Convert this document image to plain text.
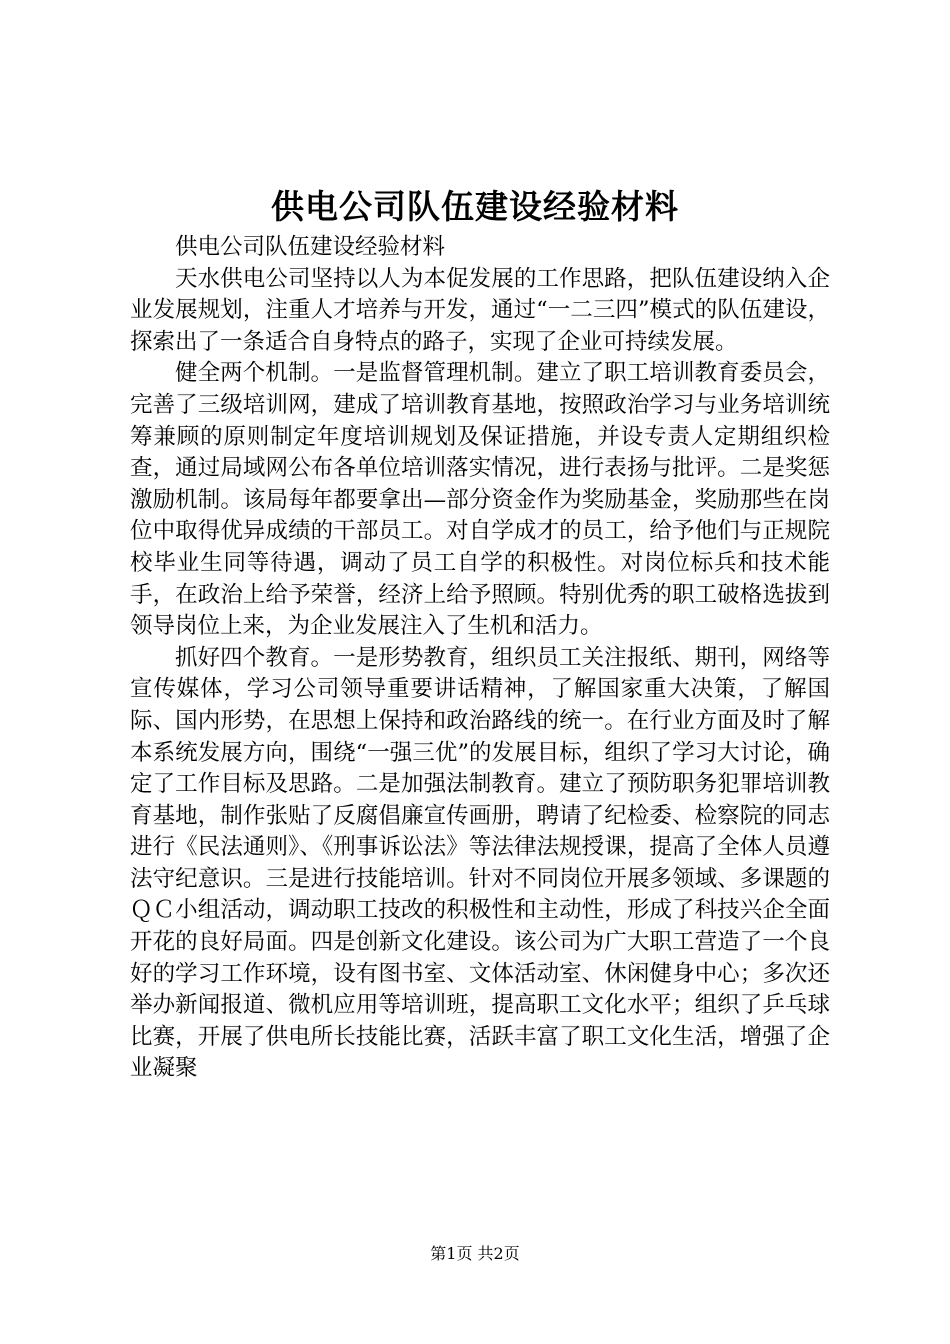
供电公司队伍建设经验材料

供电公司队伍建设经验材料

天水供电公司坚持以人为本促发展的工作思路，把队伍建设纳入企业发展规划，注重人才培养与开发，通过“一二三四”模式的队伍建设，探索出了一条适合自身特点的路子，实现了企业可持续发展。

健全两个机制。一是监督管理机制。建立了职工培训教育委员会，完善了三级培训网，建成了培训教育基地，按照政治学习与业务培训统筹兼顾的原则制定年度培训规划及保证措施，并设专责人定期组织检查，通过局域网公布各单位培训落实情况，进行表扬与批评。二是奖惩激励机制。该局每年都要拿出—部分资金作为奖励基金，奖励那些在岗位中取得优异成绩的干部员工。对自学成才的员工，给予他们与正规院校毕业生同等待遇，调动了员工自学的积极性。对岗位标兵和技术能手，在政治上给予荣誉，经济上给予照顾。特别优秀的职工破格选拔到领导岗位上来，为企业发展注入了生机和活力。

抓好四个教育。一是形势教育，组织员工关注报纸、期刊，网络等宣传媒体，学习公司领导重要讲话精神，了解国家重大决策，了解国际、国内形势，在思想上保持和政治路线的统一。在行业方面及时了解本系统发展方向，围绕“一强三优”的发展目标，组织了学习大讨论，确定了工作目标及思路。二是加强法制教育。建立了预防职务犯罪培训教育基地，制作张贴了反腐倡廉宣传画册，聘请了纪检委、检察院的同志进行《民法通则》、《刑事诉讼法》等法律法规授课，提高了全体人员遵法守纪意识。三是进行技能培训。针对不同岗位开展多领域、多课题的ＱＣ小组活动，调动职工技改的积极性和主动性，形成了科技兴企全面开花的良好局面。四是创新文化建设。该公司为广大职工营造了一个良好的学习工作环境，设有图书室、文体活动室、休闲健身中心；多次还举办新闻报道、微机应用等培训班，提高职工文化水平；组织了乒乓球比赛，开展了供电所长技能比赛，活跃丰富了职工文化生活，增强了企业凝聚

第1页 共2页
